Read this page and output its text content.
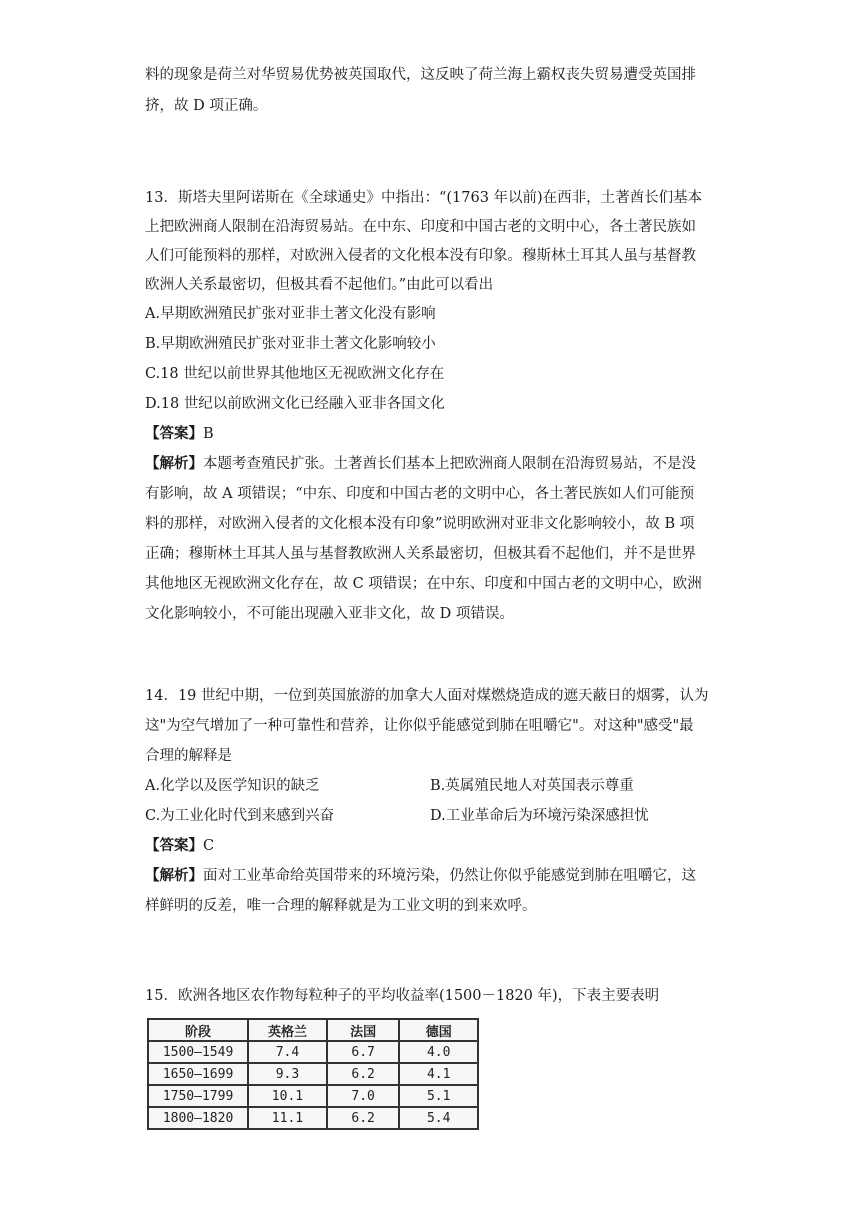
料的现象是荷兰对华贸易优势被英国取代，这反映了荷兰海上霸权丧失贸易遭受英国排
挤，故 D 项正确。
13．斯塔夫里阿诺斯在《全球通史》中指出：“(1763 年以前)在西非，土著酋长们基本
上把欧洲商人限制在沿海贸易站。在中东、印度和中国古老的文明中心，各土著民族如
人们可能预料的那样，对欧洲入侵者的文化根本没有印象。穆斯林土耳其人虽与基督教
欧洲人关系最密切，但极其看不起他们。”由此可以看出
A.早期欧洲殖民扩张对亚非土著文化没有影响
B.早期欧洲殖民扩张对亚非土著文化影响较小
C.18 世纪以前世界其他地区无视欧洲文化存在
D.18 世纪以前欧洲文化已经融入亚非各国文化
【答案】B
【解析】本题考查殖民扩张。土著酋长们基本上把欧洲商人限制在沿海贸易站，不是没
有影响，故 A 项错误；“中东、印度和中国古老的文明中心，各土著民族如人们可能预
料的那样，对欧洲入侵者的文化根本没有印象”说明欧洲对亚非文化影响较小，故 B 项
正确；穆斯林土耳其人虽与基督教欧洲人关系最密切，但极其看不起他们，并不是世界
其他地区无视欧洲文化存在，故 C 项错误；在中东、印度和中国古老的文明中心，欧洲
文化影响较小，不可能出现融入亚非文化，故 D 项错误。
14．19 世纪中期，一位到英国旅游的加拿大人面对煤燃烧造成的遮天蔽日的烟雾，认为
这"为空气增加了一种可靠性和营养，让你似乎能感觉到肺在咀嚼它"。对这种"感受"最
合理的解释是
A.化学以及医学知识的缺乏	B.英属殖民地人对英国表示尊重
C.为工业化时代到来感到兴奋	D.工业革命后为环境污染深感担忧
【答案】C
【解析】面对工业革命给英国带来的环境污染，仍然让你似乎能感觉到肺在咀嚼它，这
样鲜明的反差，唯一合理的解释就是为工业文明的到来欢呼。
15．欧洲各地区农作物每粒种子的平均收益率(1500－1820 年)，下表主要表明
阶段	英格兰	法国	德国
1500—1549	7.4	6.7	4.0
1650—1699	9.3	6.2	4.1
1750—1799	10.1	7.0	5.1
1800—1820	11.1	6.2	5.4
